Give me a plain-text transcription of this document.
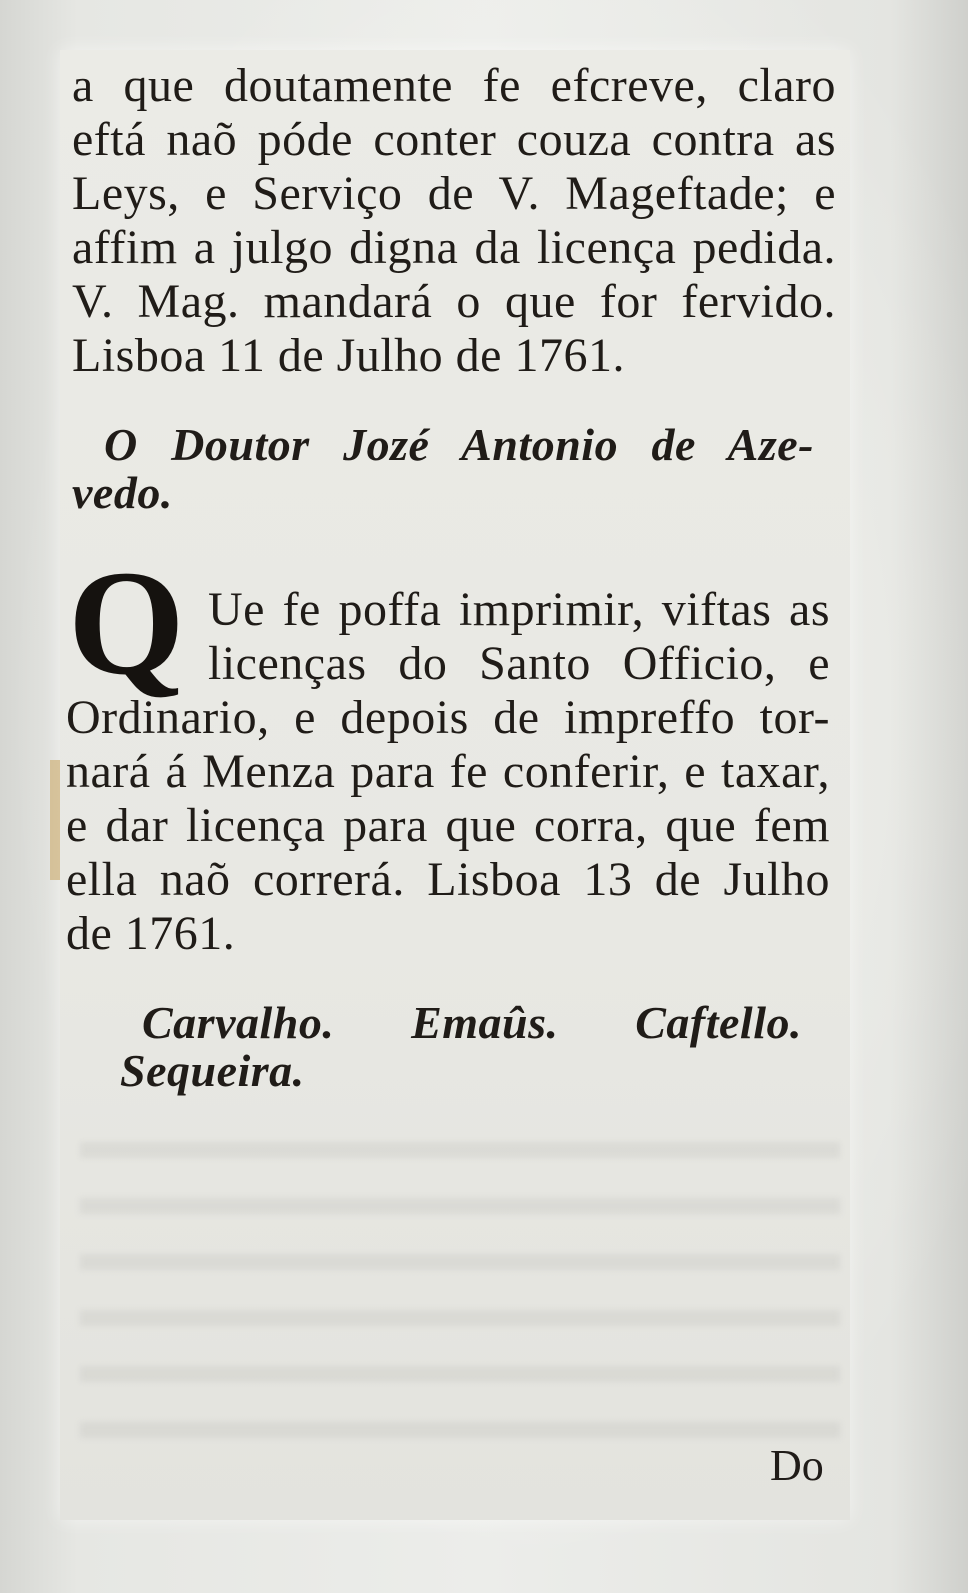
a que doutamente fe efcreve, claro
eftá naõ póde conter couza contra as
Leys, e Serviço de V. Mageftade; e
affim a julgo digna da licença pedida.
V. Mag. mandará o que for fervido.
Lisboa 11 de Julho de 1761.
O Doutor Jozé Antonio de Aze-
vedo.
Q Ue fe poffa imprimir, viftas as
licenças do Santo Officio, e
Ordinario, e depois de impreffo tor-
nará á Menza para fe conferir, e taxar,
e dar licença para que corra, que fem
ella naõ correrá. Lisboa 13 de Julho
de 1761.
Carvalho. Emaûs. Caftello.
Sequeira.
Do
